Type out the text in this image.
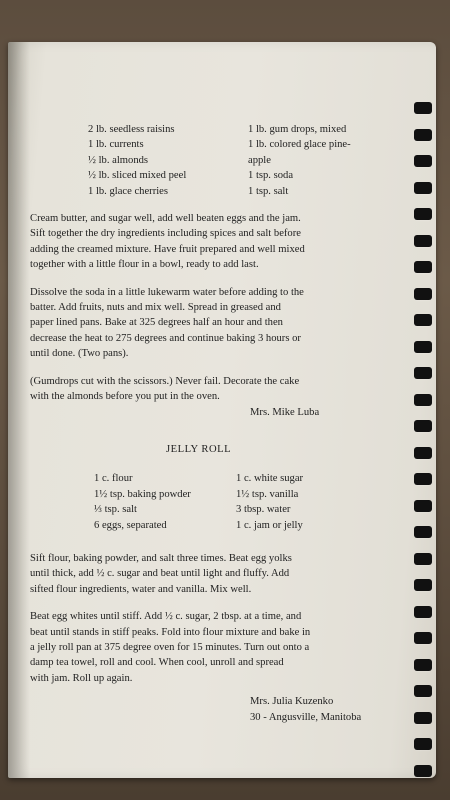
2 lb. seedless raisins

1 lb. currents

½ lb. almonds

½ lb. sliced mixed peel

1 lb. glace cherries

1 lb. gum drops, mixed

1 lb. colored glace pine-

apple

1 tsp. soda

1 tsp. salt

Cream butter, and sugar well, add well beaten eggs and the jam.

Sift together the dry ingredients including spices and salt before

adding the creamed mixture. Have fruit prepared and well mixed

together with a little flour in a bowl, ready to add last.

Dissolve the soda in a little lukewarm water before adding to the

batter. Add fruits, nuts and mix well. Spread in greased and

paper lined pans. Bake at 325 degrees half an hour and then

decrease the heat to 275 degrees and continue baking 3 hours or

until done. (Two pans).

(Gumdrops cut with the scissors.) Never fail. Decorate the cake

with the almonds before you put in the oven.

Mrs. Mike Luba

JELLY ROLL

1 c. flour

1½ tsp. baking powder

⅓ tsp. salt

6 eggs, separated

1 c. white sugar

1½ tsp. vanilla

3 tbsp. water

1 c. jam or jelly

Sift flour, baking powder, and salt three times. Beat egg yolks

until thick, add ½ c. sugar and beat until light and fluffy. Add

sifted flour ingredients, water and vanilla. Mix well.

Beat egg whites until stiff. Add ½ c. sugar, 2 tbsp. at a time, and

beat until stands in stiff peaks. Fold into flour mixture and bake in

a jelly roll pan at 375 degree oven for 15 minutes. Turn out onto a

damp tea towel, roll and cool. When cool, unroll and spread

with jam. Roll up again.

Mrs. Julia Kuzenko

30 - Angusville, Manitoba
